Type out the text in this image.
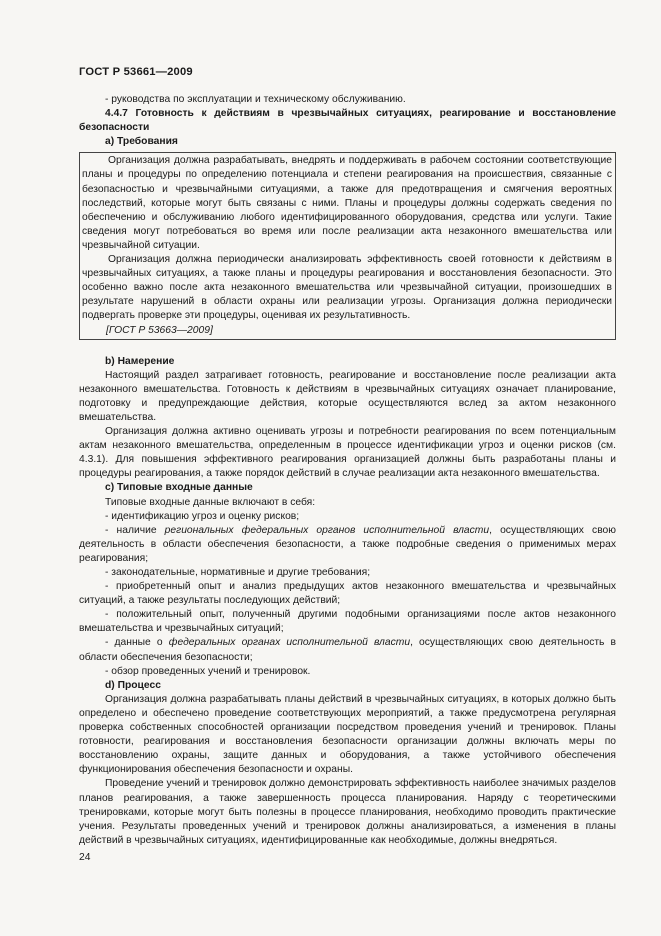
ГОСТ Р 53661—2009

- руководства по эксплуатации и техническому обслуживанию.

4.4.7 Готовность к действиям в чрезвычайных ситуациях, реагирование и восстановление безопасности

а) Требования

Организация должна разрабатывать, внедрять и поддерживать в рабочем состоянии соответствующие планы и процедуры по определению потенциала и степени реагирования на происшествия, связанные с безопасностью и чрезвычайными ситуациями, а также для предотвращения и смягчения вероятных последствий, которые могут быть связаны с ними. Планы и процедуры должны содержать сведения по обеспечению и обслуживанию любого идентифицированного оборудования, средства или услуги. Такие сведения могут потребоваться во время или после реализации акта незаконного вмешательства или чрезвычайной ситуации.

Организация должна периодически анализировать эффективность своей готовности к действиям в чрезвычайных ситуациях, а также планы и процедуры реагирования и восстановления безопасности. Это особенно важно после акта незаконного вмешательства или чрезвычайной ситуации, произошедших в результате нарушений в области охраны или реализации угрозы. Организация должна периодически подвергать проверке эти процедуры, оценивая их результативность.

[ГОСТ Р 53663—2009]

b) Намерение

Настоящий раздел затрагивает готовность, реагирование и восстановление после реализации акта незаконного вмешательства. Готовность к действиям в чрезвычайных ситуациях означает планирование, подготовку и предупреждающие действия, которые осуществляются вслед за актом незаконного вмешательства.

Организация должна активно оценивать угрозы и потребности реагирования по всем потенциальным актам незаконного вмешательства, определенным в процессе идентификации угроз и оценки рисков (см. 4.3.1). Для повышения эффективного реагирования организацией должны быть разработаны планы и процедуры реагирования, а также порядок действий в случае реализации акта незаконного вмешательства.

с) Типовые входные данные

Типовые входные данные включают в себя:

- идентификацию угроз и оценку рисков;

- наличие региональных федеральных органов исполнительной власти, осуществляющих свою деятельность в области обеспечения безопасности, а также подробные сведения о применимых мерах реагирования;

- законодательные, нормативные и другие требования;

- приобретенный опыт и анализ предыдущих актов незаконного вмешательства и чрезвычайных ситуаций, а также результаты последующих действий;

- положительный опыт, полученный другими подобными организациями после актов незаконного вмешательства и чрезвычайных ситуаций;

- данные о федеральных органах исполнительной власти, осуществляющих свою деятельность в области обеспечения безопасности;

- обзор проведенных учений и тренировок.

d) Процесс

Организация должна разрабатывать планы действий в чрезвычайных ситуациях, в которых должно быть определено и обеспечено проведение соответствующих мероприятий, а также предусмотрена регулярная проверка собственных способностей организации посредством проведения учений и тренировок. Планы готовности, реагирования и восстановления безопасности организации должны включать меры по восстановлению охраны, защите данных и оборудования, а также устойчивого обеспечения функционирования обеспечения безопасности и охраны.

Проведение учений и тренировок должно демонстрировать эффективность наиболее значимых разделов планов реагирования, а также завершенность процесса планирования. Наряду с теоретическими тренировками, которые могут быть полезны в процессе планирования, необходимо проводить практические учения. Результаты проведенных учений и тренировок должны анализироваться, а изменения в планы действий в чрезвычайных ситуациях, идентифицированные как необходимые, должны внедряться.

24
